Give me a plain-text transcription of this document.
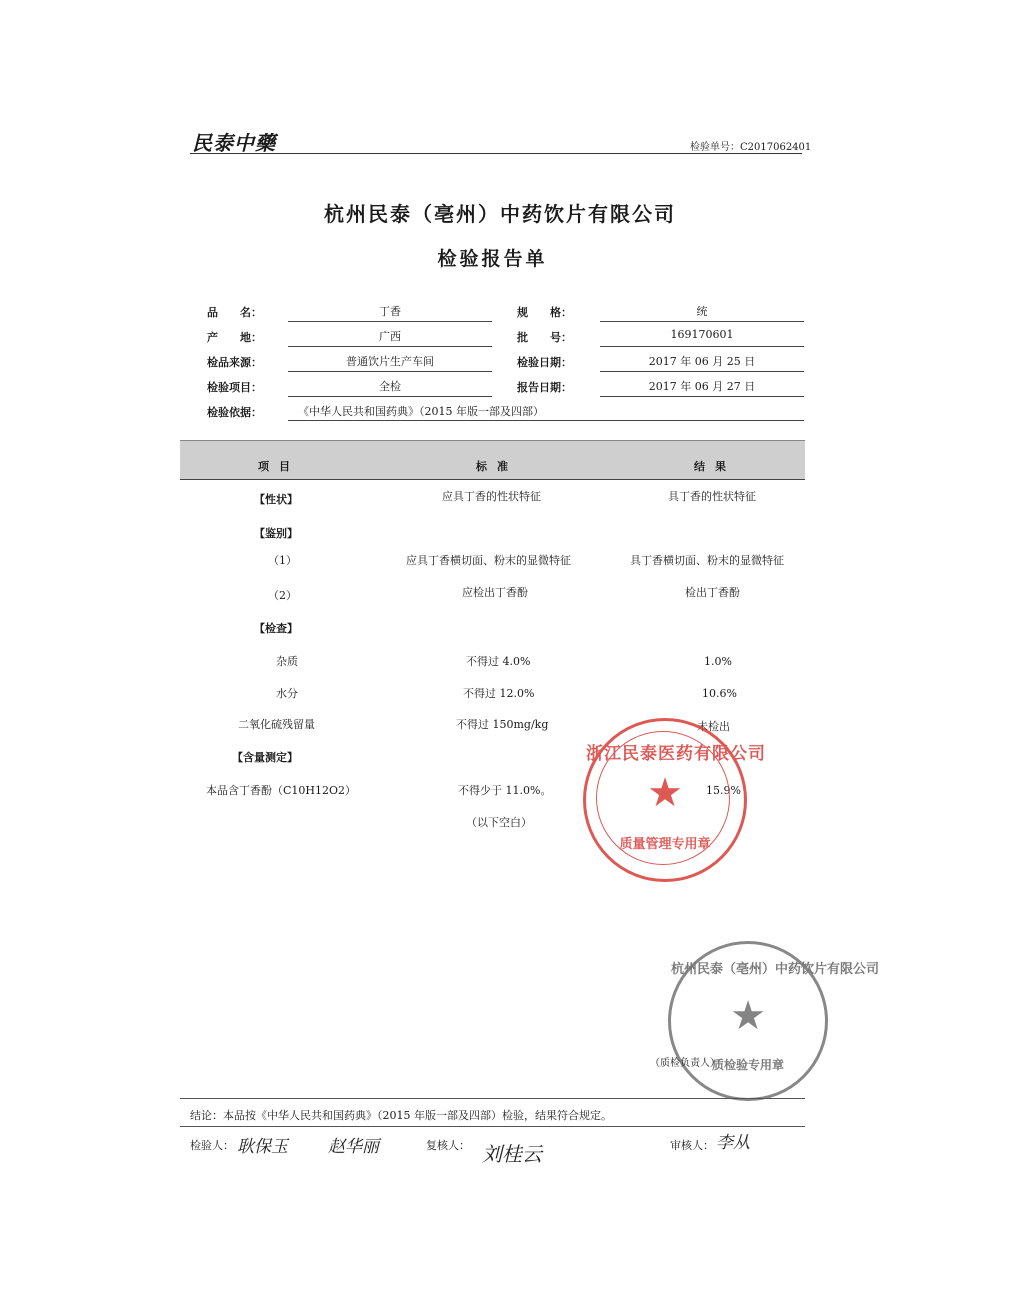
民泰中藥	检验单号：C2017062401
杭州民泰（亳州）中药饮片有限公司
检验报告单
品　　名：	丁香	规　　格：	统
产　　地：	广西	批　　号：	169170601
检品来源：	普通饮片生产车间	检验日期：	2017 年 06 月 25 日
检验项目：	全检	报告日期：	2017 年 06 月 27 日
检验依据：	《中华人民共和国药典》（2015 年版一部及四部）
项目	标准	结果
【性状】	应具丁香的性状特征	具丁香的性状特征
【鉴别】
（1）	应具丁香横切面、粉末的显微特征	具丁香横切面、粉末的显微特征
（2）	应检出丁香酚	检出丁香酚
【检查】
杂质	不得过 4.0%	1.0%
水分	不得过 12.0%	10.6%
二氧化硫残留量	不得过 150mg/kg	未检出
【含量测定】
本品含丁香酚（C10H12O2）	不得少于 11.0%。	15.9%
（以下空白）
浙江民泰医药有限公司
★
质量管理专用章
杭州民泰（亳州）中药饮片有限公司
★
质检验专用章
（质检负责人）
结论：本品按《中华人民共和国药典》（2015 年版一部及四部）检验，结果符合规定。
检验人： 耿保玉 赵华丽	复核人： 刘桂云	审核人： 李从
